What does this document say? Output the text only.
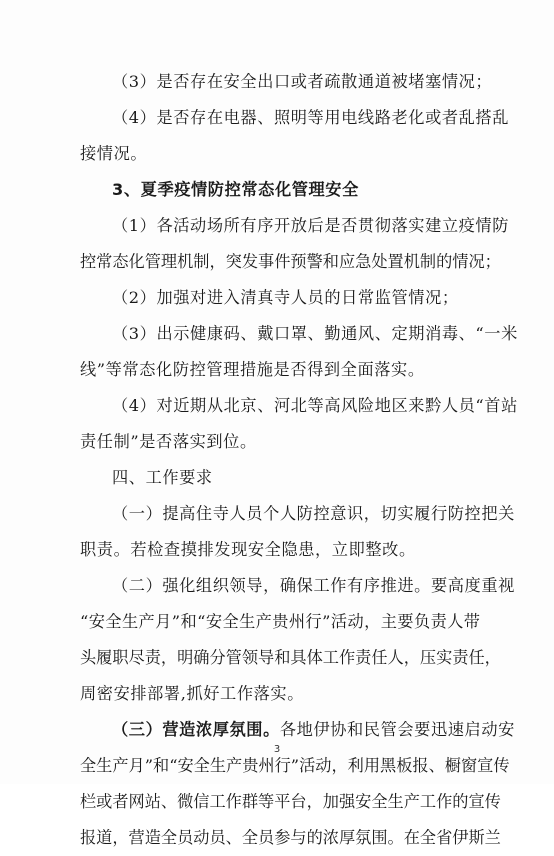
（3）是否存在安全出口或者疏散通道被堵塞情况；
（4）是否存在电器、照明等用电线路老化或者乱搭乱
接情况。
3、夏季疫情防控常态化管理安全
（1）各活动场所有序开放后是否贯彻落实建立疫情防
控常态化管理机制，突发事件预警和应急处置机制的情况；
（2）加强对进入清真寺人员的日常监管情况；
（3）出示健康码、戴口罩、勤通风、定期消毒、“一米
线”等常态化防控管理措施是否得到全面落实。
（4）对近期从北京、河北等高风险地区来黔人员“首站
责任制”是否落实到位。
四、工作要求
（一）提高住寺人员个人防控意识，切实履行防控把关
职责。若检查摸排发现安全隐患，立即整改。
（二）强化组织领导，确保工作有序推进。要高度重视
“安全生产月”和“安全生产贵州行”活动，主要负责人带
头履职尽责，明确分管领导和具体工作责任人，压实责任，
周密安排部署,抓好工作落实。
（三）营造浓厚氛围。各地伊协和民管会要迅速启动安
全生产月”和“安全生产贵州行”活动，利用黑板报、橱窗宣传
栏或者网站、微信工作群等平台，加强安全生产工作的宣传
报道，营造全员动员、全员参与的浓厚氛围。在全省伊斯兰
3
